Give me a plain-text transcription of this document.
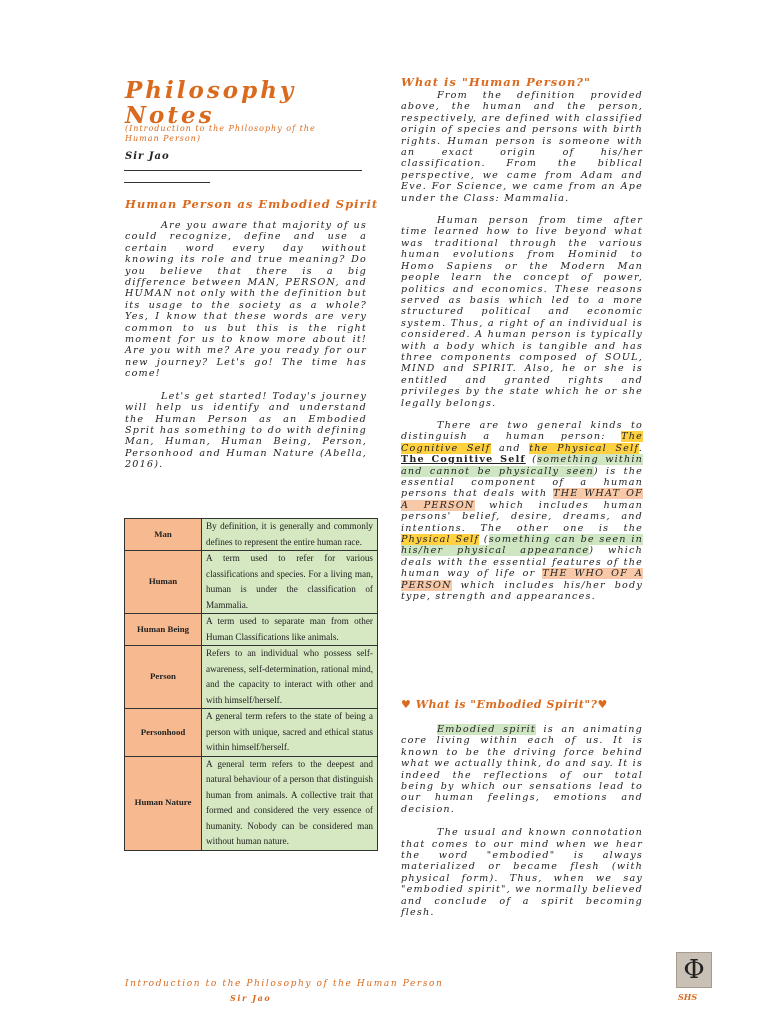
Philosophy
Notes
(Introduction to the Philosophy of the Human Person)
Sir Jao
Human Person as Embodied Spirit

Are you aware that majority of us could recognize, define and use a certain word every day without knowing its role and true meaning? Do you believe that there is a big difference between MAN, PERSON, and HUMAN not only with the definition but its usage to the society as a whole? Yes, I know that these words are very common to us but this is the right moment for us to know more about it! Are you with me? Are you ready for our new journey? Let's go! The time has come!

Let's get started! Today's journey will help us identify and understand the Human Person as an Embodied Sprit has something to do with defining Man, Human, Human Being, Person, Personhood and Human Nature (Abella, 2016).

Man	By definition, it is generally and commonly defines to represent the entire human race.
Human	A term used to refer for various classifications and species. For a living man, human is under the classification of Mammalia.
Human Being	A term used to separate man from other Human Classifications like animals.
Person	Refers to an individual who possess self-awareness, self-determination, rational mind, and the capacity to interact with other and with himself/herself.
Personhood	A general term refers to the state of being a person with unique, sacred and ethical status within himself/herself.
Human Nature	A general term refers to the deepest and natural behaviour of a person that distinguish human from animals. A collective trait that formed and considered the very essence of humanity. Nobody can be considered man without human nature.
What is "Human Person?"

From the definition provided above, the human and the person, respectively, are defined with classified origin of species and persons with birth rights. Human person is someone with an exact origin of his/her classification. From the biblical perspective, we came from Adam and Eve. For Science, we came from an Ape under the Class: Mammalia.

Human person from time after time learned how to live beyond what was traditional through the various human evolutions from Hominid to Homo Sapiens or the Modern Man people learn the concept of power, politics and economics. These reasons served as basis which led to a more structured political and economic system. Thus, a right of an individual is considered. A human person is typically with a body which is tangible and has three components composed of SOUL, MIND and SPIRIT. Also, he or she is entitled and granted rights and privileges by the state which he or she legally belongs.

There are two general kinds to distinguish a human person: The Cognitive Self and the Physical Self. The Cognitive Self (something within and cannot be physically seen) is the essential component of a human persons that deals with THE WHAT OF A PERSON which includes human persons' belief, desire, dreams, and intentions. The other one is the Physical Self (something can be seen in his/her physical appearance) which deals with the essential features of the human way of life or THE WHO OF A PERSON which includes his/her body type, strength and appearances.

♥ What is "Embodied Spirit"?♥

Embodied spirit is an animating core living within each of us. It is known to be the driving force behind what we actually think, do and say. It is indeed the reflections of our total being by which our sensations lead to our human feelings, emotions and decision.

The usual and known connotation that comes to our mind when we hear the word "embodied" is always materialized or became flesh (with physical form). Thus, when we say "embodied spirit", we normally believed and conclude of a spirit becoming flesh.

Introduction to the Philosophy of the Human Person
Sir Jao
Φ
SHS
